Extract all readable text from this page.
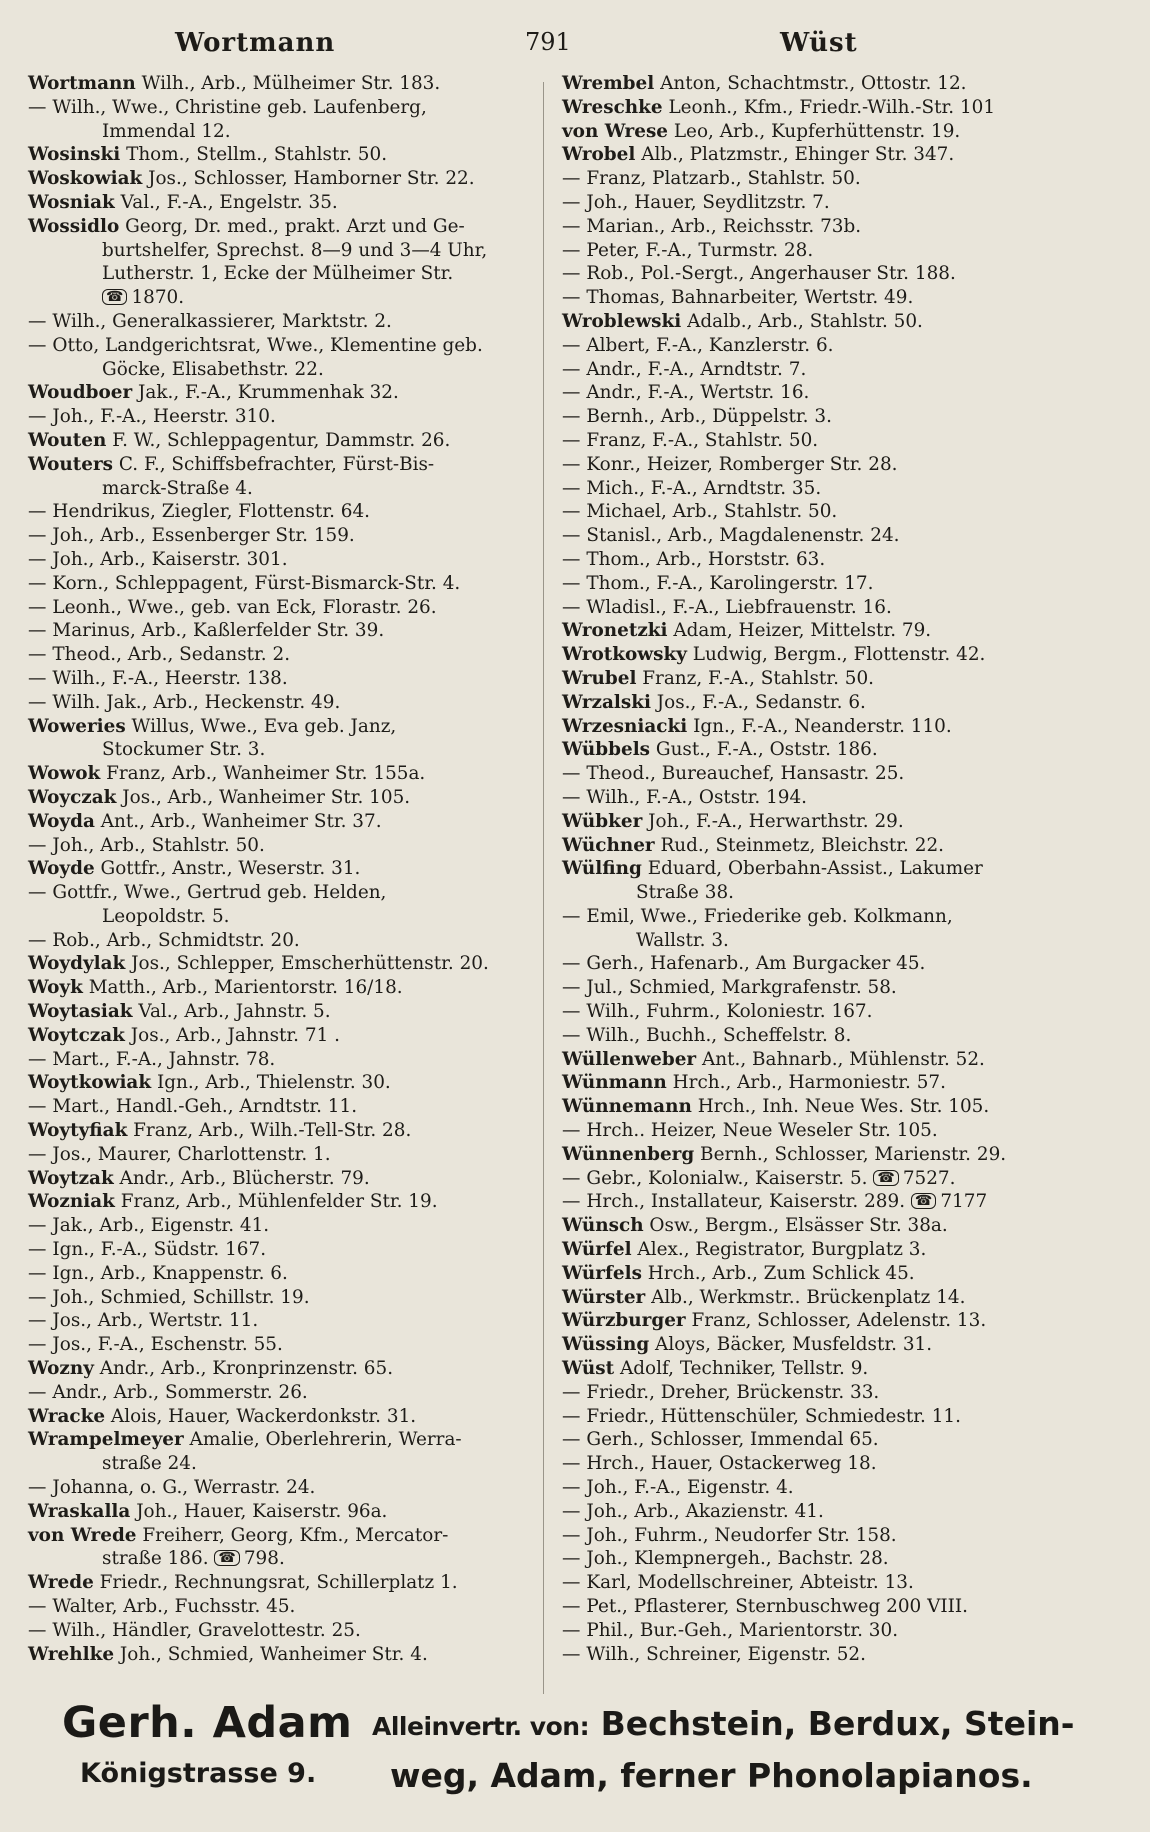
Wortmann	791	Wüst
Wortmann Wilh., Arb., Mülheimer Str. 183.
— Wilh., Wwe., Christine geb. Laufenberg,
Immendal 12.
Wosinski Thom., Stellm., Stahlstr. 50.
Woskowiak Jos., Schlosser, Hamborner Str. 22.
Wosniak Val., F.-A., Engelstr. 35.
Wossidlo Georg, Dr. med., prakt. Arzt und Ge-
burtshelfer, Sprechst. 8—9 und 3—4 Uhr,
Lutherstr. 1, Ecke der Mülheimer Str.
☎ 1870.
— Wilh., Generalkassierer, Marktstr. 2.
— Otto, Landgerichtsrat, Wwe., Klementine geb.
Göcke, Elisabethstr. 22.
Woudboer Jak., F.-A., Krummenhak 32.
— Joh., F.-A., Heerstr. 310.
Wouten F. W., Schleppagentur, Dammstr. 26.
Wouters C. F., Schiffsbefrachter, Fürst-Bis-
marck-Straße 4.
— Hendrikus, Ziegler, Flottenstr. 64.
— Joh., Arb., Essenberger Str. 159.
— Joh., Arb., Kaiserstr. 301.
— Korn., Schleppagent, Fürst-Bismarck-Str. 4.
— Leonh., Wwe., geb. van Eck, Florastr. 26.
— Marinus, Arb., Kaßlerfelder Str. 39.
— Theod., Arb., Sedanstr. 2.
— Wilh., F.-A., Heerstr. 138.
— Wilh. Jak., Arb., Heckenstr. 49.
Woweries Willus, Wwe., Eva geb. Janz,
Stockumer Str. 3.
Wowok Franz, Arb., Wanheimer Str. 155a.
Woyczak Jos., Arb., Wanheimer Str. 105.
Woyda Ant., Arb., Wanheimer Str. 37.
— Joh., Arb., Stahlstr. 50.
Woyde Gottfr., Anstr., Weserstr. 31.
— Gottfr., Wwe., Gertrud geb. Helden,
Leopoldstr. 5.
— Rob., Arb., Schmidtstr. 20.
Woydylak Jos., Schlepper, Emscherhüttenstr. 20.
Woyk Matth., Arb., Marientorstr. 16/18.
Woytasiak Val., Arb., Jahnstr. 5.
Woytczak Jos., Arb., Jahnstr. 71 .
— Mart., F.-A., Jahnstr. 78.
Woytkowiak Ign., Arb., Thielenstr. 30.
— Mart., Handl.-Geh., Arndtstr. 11.
Woytyfiak Franz, Arb., Wilh.-Tell-Str. 28.
— Jos., Maurer, Charlottenstr. 1.
Woytzak Andr., Arb., Blücherstr. 79.
Wozniak Franz, Arb., Mühlenfelder Str. 19.
— Jak., Arb., Eigenstr. 41.
— Ign., F.-A., Südstr. 167.
— Ign., Arb., Knappenstr. 6.
— Joh., Schmied, Schillstr. 19.
— Jos., Arb., Wertstr. 11.
— Jos., F.-A., Eschenstr. 55.
Wozny Andr., Arb., Kronprinzenstr. 65.
— Andr., Arb., Sommerstr. 26.
Wracke Alois, Hauer, Wackerdonkstr. 31.
Wrampelmeyer Amalie, Oberlehrerin, Werra-
straße 24.
— Johanna, o. G., Werrastr. 24.
Wraskalla Joh., Hauer, Kaiserstr. 96a.
von Wrede Freiherr, Georg, Kfm., Mercator-
straße 186. ☎ 798.
Wrede Friedr., Rechnungsrat, Schillerplatz 1.
— Walter, Arb., Fuchsstr. 45.
— Wilh., Händler, Gravelottestr. 25.
Wrehlke Joh., Schmied, Wanheimer Str. 4.
Wrembel Anton, Schachtmstr., Ottostr. 12.
Wreschke Leonh., Kfm., Friedr.-Wilh.-Str. 101
von Wrese Leo, Arb., Kupferhüttenstr. 19.
Wrobel Alb., Platzmstr., Ehinger Str. 347.
— Franz, Platzarb., Stahlstr. 50.
— Joh., Hauer, Seydlitzstr. 7.
— Marian., Arb., Reichsstr. 73b.
— Peter, F.-A., Turmstr. 28.
— Rob., Pol.-Sergt., Angerhauser Str. 188.
— Thomas, Bahnarbeiter, Wertstr. 49.
Wroblewski Adalb., Arb., Stahlstr. 50.
— Albert, F.-A., Kanzlerstr. 6.
— Andr., F.-A., Arndtstr. 7.
— Andr., F.-A., Wertstr. 16.
— Bernh., Arb., Düppelstr. 3.
— Franz, F.-A., Stahlstr. 50.
— Konr., Heizer, Romberger Str. 28.
— Mich., F.-A., Arndtstr. 35.
— Michael, Arb., Stahlstr. 50.
— Stanisl., Arb., Magdalenenstr. 24.
— Thom., Arb., Horststr. 63.
— Thom., F.-A., Karolingerstr. 17.
— Wladisl., F.-A., Liebfrauenstr. 16.
Wronetzki Adam, Heizer, Mittelstr. 79.
Wrotkowsky Ludwig, Bergm., Flottenstr. 42.
Wrubel Franz, F.-A., Stahlstr. 50.
Wrzalski Jos., F.-A., Sedanstr. 6.
Wrzesniacki Ign., F.-A., Neanderstr. 110.
Wübbels Gust., F.-A., Oststr. 186.
— Theod., Bureauchef, Hansastr. 25.
— Wilh., F.-A., Oststr. 194.
Wübker Joh., F.-A., Herwarthstr. 29.
Wüchner Rud., Steinmetz, Bleichstr. 22.
Wülfing Eduard, Oberbahn-Assist., Lakumer
Straße 38.
— Emil, Wwe., Friederike geb. Kolkmann,
Wallstr. 3.
— Gerh., Hafenarb., Am Burgacker 45.
— Jul., Schmied, Markgrafenstr. 58.
— Wilh., Fuhrm., Koloniestr. 167.
— Wilh., Buchh., Scheffelstr. 8.
Wüllenweber Ant., Bahnarb., Mühlenstr. 52.
Wünmann Hrch., Arb., Harmoniestr. 57.
Wünnemann Hrch., Inh. Neue Wes. Str. 105.
— Hrch.. Heizer, Neue Weseler Str. 105.
Wünnenberg Bernh., Schlosser, Marienstr. 29.
— Gebr., Kolonialw., Kaiserstr. 5. ☎ 7527.
— Hrch., Installateur, Kaiserstr. 289. ☎ 7177
Wünsch Osw., Bergm., Elsässer Str. 38a.
Würfel Alex., Registrator, Burgplatz 3.
Würfels Hrch., Arb., Zum Schlick 45.
Würster Alb., Werkmstr.. Brückenplatz 14.
Würzburger Franz, Schlosser, Adelenstr. 13.
Wüssing Aloys, Bäcker, Musfeldstr. 31.
Wüst Adolf, Techniker, Tellstr. 9.
— Friedr., Dreher, Brückenstr. 33.
— Friedr., Hüttenschüler, Schmiedestr. 11.
— Gerh., Schlosser, Immendal 65.
— Hrch., Hauer, Ostackerweg 18.
— Joh., F.-A., Eigenstr. 4.
— Joh., Arb., Akazienstr. 41.
— Joh., Fuhrm., Neudorfer Str. 158.
— Joh., Klempnergeh., Bachstr. 28.
— Karl, Modellschreiner, Abteistr. 13.
— Pet., Pflasterer, Sternbuschweg 200 VIII.
— Phil., Bur.-Geh., Marientorstr. 30.
— Wilh., Schreiner, Eigenstr. 52.
Gerh. Adam
Königstrasse 9.
Alleinvertr. von: Bechstein, Berdux, Stein-
weg, Adam, ferner Phonolapianos.
